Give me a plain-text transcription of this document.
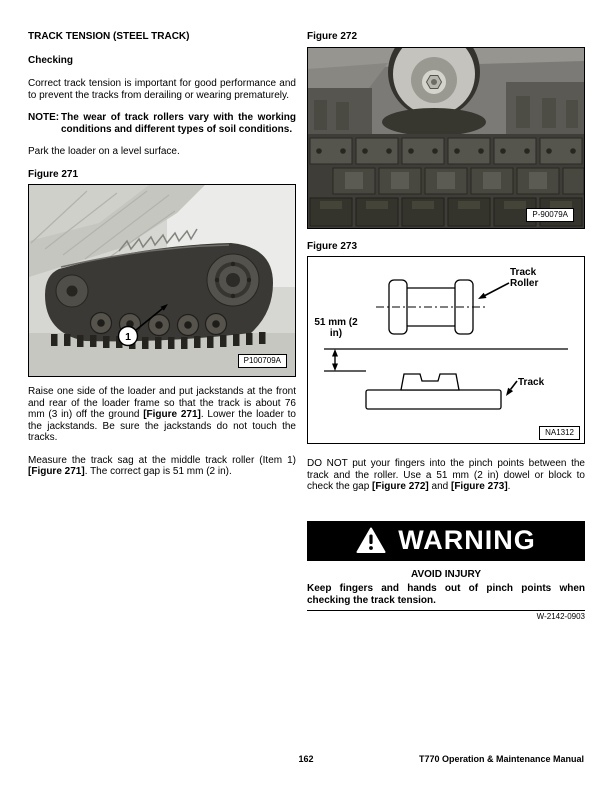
TRACK TENSION (STEEL TRACK)
Checking

Correct track tension is important for good performance and to prevent the tracks from derailing or wearing prematurely.

NOTE: The wear of track rollers vary with the working conditions and different types of soil conditions.

Park the loader on a level surface.

Figure 271
1
P100709A

Raise one side of the loader and put jackstands at the front and rear of the loader frame so that the track is about 76 mm (3 in) off the ground [Figure 271]. Lower the loader to the jackstands. Be sure the jackstands do not touch the tracks.

Measure the track sag at the middle track roller (Item 1) [Figure 271]. The correct gap is 51 mm (2 in).

Figure 272
P-90079A
Figure 273
Track Roller
51 mm (2 in)
Track
NA1312

DO NOT put your fingers into the pinch points between the track and the roller. Use a 51 mm (2 in) dowel or block to check the gap [Figure 272] and [Figure 273].

WARNING
AVOID INJURY
Keep fingers and hands out of pinch points when checking the track tension.
W-2142-0903
162	T770 Operation & Maintenance Manual
